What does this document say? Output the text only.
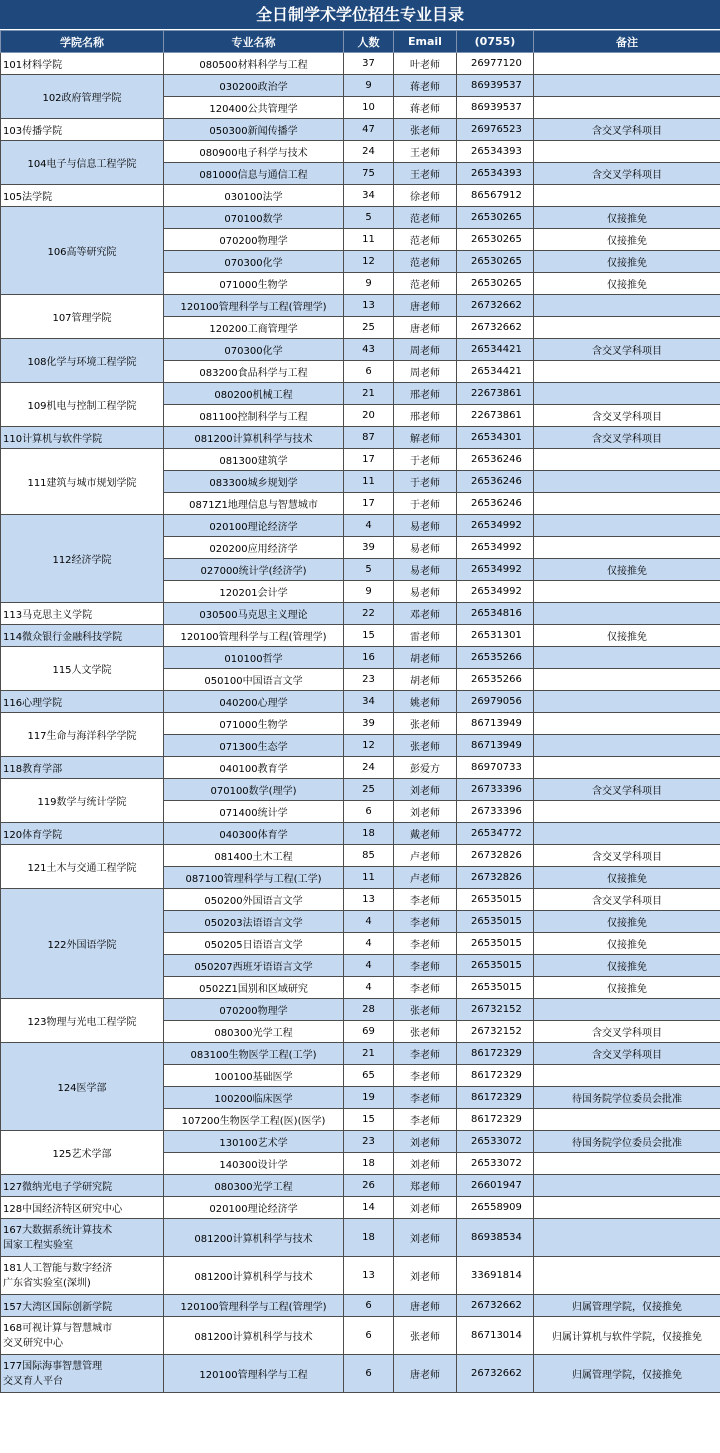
全日制学术学位招生专业目录
学院名称	专业名称	人数	Email	(0755)	备注
101材料学院	080500材料科学与工程	37	叶老师	26977120	
102政府管理学院	030200政治学	9	蒋老师	86939537	
	120400公共管理学	10	蒋老师	86939537	
103传播学院	050300新闻传播学	47	张老师	26976523	含交叉学科项目
104电子与信息工程学院	080900电子科学与技术	24	王老师	26534393	
	081000信息与通信工程	75	王老师	26534393	含交叉学科项目
105法学院	030100法学	34	徐老师	86567912	
106高等研究院	070100数学	5	范老师	26530265	仅接推免
	070200物理学	11	范老师	26530265	仅接推免
	070300化学	12	范老师	26530265	仅接推免
	071000生物学	9	范老师	26530265	仅接推免
107管理学院	120100管理科学与工程(管理学)	13	唐老师	26732662	
	120200工商管理学	25	唐老师	26732662	
108化学与环境工程学院	070300化学	43	周老师	26534421	含交叉学科项目
	083200食品科学与工程	6	周老师	26534421	
109机电与控制工程学院	080200机械工程	21	邢老师	22673861	
	081100控制科学与工程	20	邢老师	22673861	含交叉学科项目
110计算机与软件学院	081200计算机科学与技术	87	解老师	26534301	含交叉学科项目
111建筑与城市规划学院	081300建筑学	17	于老师	26536246	
	083300城乡规划学	11	于老师	26536246	
	0871Z1地理信息与智慧城市	17	于老师	26536246	
112经济学院	020100理论经济学	4	易老师	26534992	
	020200应用经济学	39	易老师	26534992	
	027000统计学(经济学)	5	易老师	26534992	仅接推免
	120201会计学	9	易老师	26534992	
113马克思主义学院	030500马克思主义理论	22	邓老师	26534816	
114微众银行金融科技学院	120100管理科学与工程(管理学)	15	雷老师	26531301	仅接推免
115人文学院	010100哲学	16	胡老师	26535266	
	050100中国语言文学	23	胡老师	26535266	
116心理学院	040200心理学	34	姚老师	26979056	
117生命与海洋科学学院	071000生物学	39	张老师	86713949	
	071300生态学	12	张老师	86713949	
118教育学部	040100教育学	24	彭爱方	86970733	
119数学与统计学院	070100数学(理学)	25	刘老师	26733396	含交叉学科项目
	071400统计学	6	刘老师	26733396	
120体育学院	040300体育学	18	戴老师	26534772	
121土木与交通工程学院	081400土木工程	85	卢老师	26732826	含交叉学科项目
	087100管理科学与工程(工学)	11	卢老师	26732826	仅接推免
122外国语学院	050200外国语言文学	13	李老师	26535015	含交叉学科项目
	050203法语语言文学	4	李老师	26535015	仅接推免
	050205日语语言文学	4	李老师	26535015	仅接推免
	050207西班牙语语言文学	4	李老师	26535015	仅接推免
	0502Z1国别和区域研究	4	李老师	26535015	仅接推免
123物理与光电工程学院	070200物理学	28	张老师	26732152	
	080300光学工程	69	张老师	26732152	含交叉学科项目
124医学部	083100生物医学工程(工学)	21	李老师	86172329	含交叉学科项目
	100100基础医学	65	李老师	86172329	
	100200临床医学	19	李老师	86172329	待国务院学位委员会批准
	107200生物医学工程(医)(医学)	15	李老师	86172329	
125艺术学部	130100艺术学	23	刘老师	26533072	待国务院学位委员会批准
	140300设计学	18	刘老师	26533072	
127微纳光电子学研究院	080300光学工程	26	郑老师	26601947	
128中国经济特区研究中心	020100理论经济学	14	刘老师	26558909	
167大数据系统计算技术
国家工程实验室	081200计算机科学与技术	18	刘老师	86938534	
181人工智能与数字经济
广东省实验室(深圳)	081200计算机科学与技术	13	刘老师	33691814	
157大湾区国际创新学院	120100管理科学与工程(管理学)	6	唐老师	26732662	归属管理学院，仅接推免
168可视计算与智慧城市
交叉研究中心	081200计算机科学与技术	6	张老师	86713014	归属计算机与软件学院，仅接推免
177国际海事智慧管理
交叉育人平台	120100管理科学与工程	6	唐老师	26732662	归属管理学院，仅接推免
